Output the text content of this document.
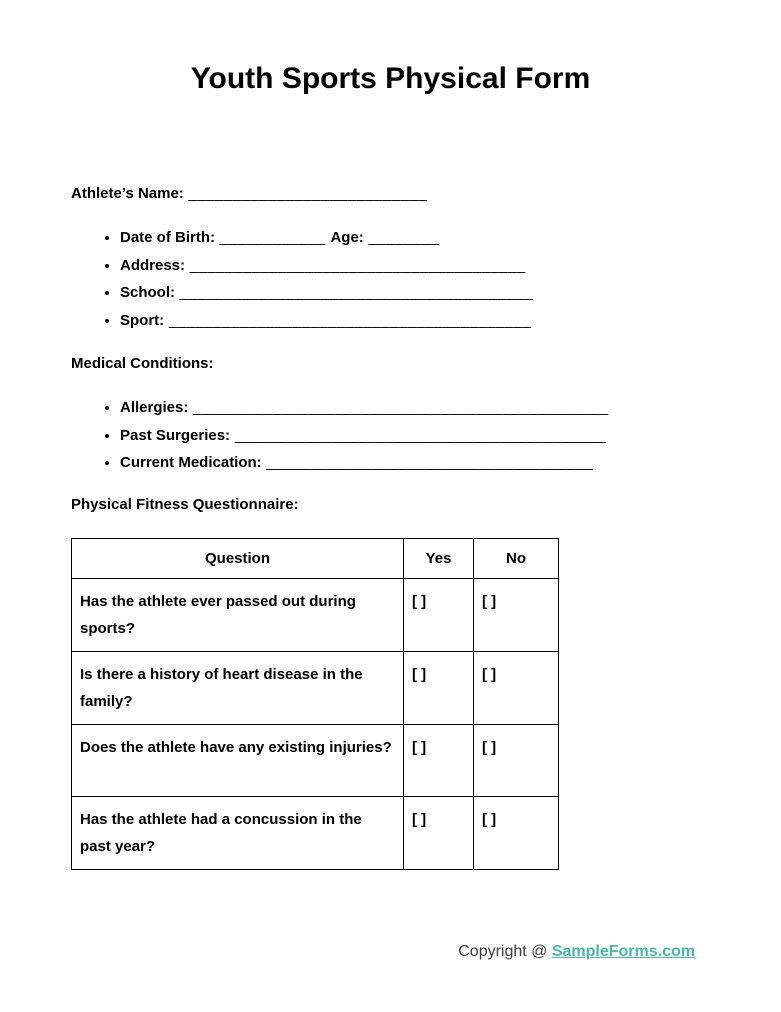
Youth Sports Physical Form

Athlete’s Name: ___________________________

• Date of Birth: ____________ Age: ________
• Address: ______________________________________
• School: ________________________________________
• Sport: _________________________________________

Medical Conditions:

• Allergies: _______________________________________________
• Past Surgeries: __________________________________________
• Current Medication: _____________________________________

Physical Fitness Questionnaire:

Question	Yes	No
Has the athlete ever passed out during sports?	[ ]	[ ]
Is there a history of heart disease in the family?	[ ]	[ ]
Does the athlete have any existing injuries?	[ ]	[ ]
Has the athlete had a concussion in the past year?	[ ]	[ ]
Copyright @ SampleForms.com
